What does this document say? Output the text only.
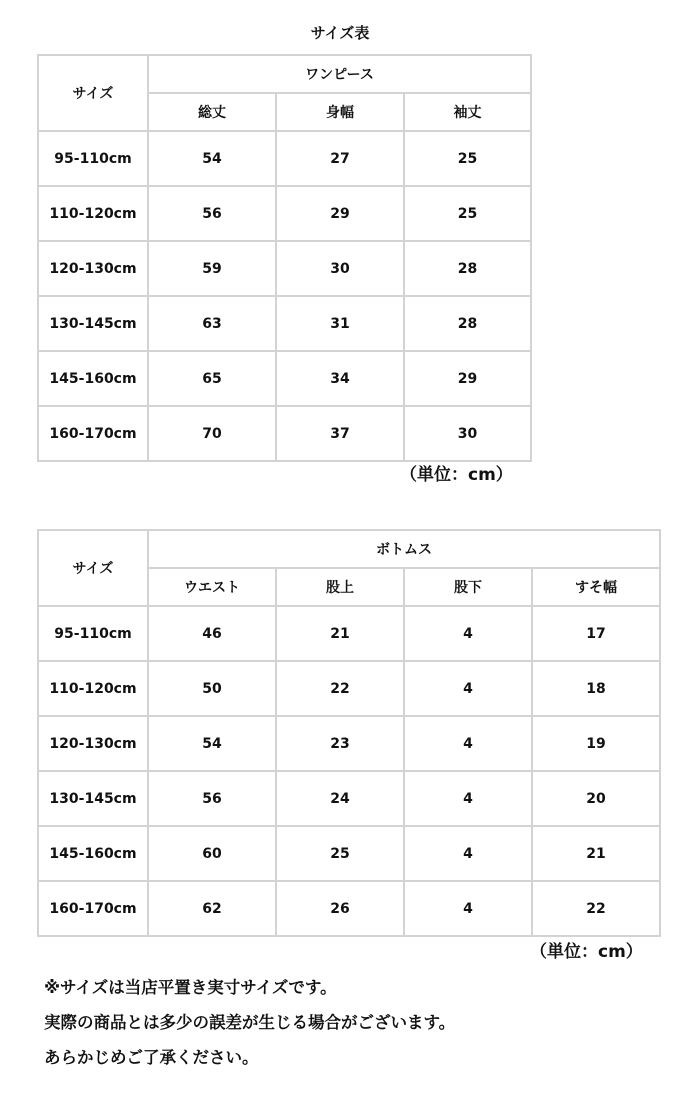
サイズ表
サイズ	ワンピース		
	総丈	身幅	袖丈
95-110cm	54	27	25
110-120cm	56	29	25
120-130cm	59	30	28
130-145cm	63	31	28
145-160cm	65	34	29
160-170cm	70	37	30
（単位：cm）
サイズ	ボトムス			
	ウエスト	股上	股下	すそ幅
95-110cm	46	21	4	17
110-120cm	50	22	4	18
120-130cm	54	23	4	19
130-145cm	56	24	4	20
145-160cm	60	25	4	21
160-170cm	62	26	4	22
（単位：cm）
※サイズは当店平置き実寸サイズです。
実際の商品とは多少の誤差が生じる場合がございます。
あらかじめご了承ください。
